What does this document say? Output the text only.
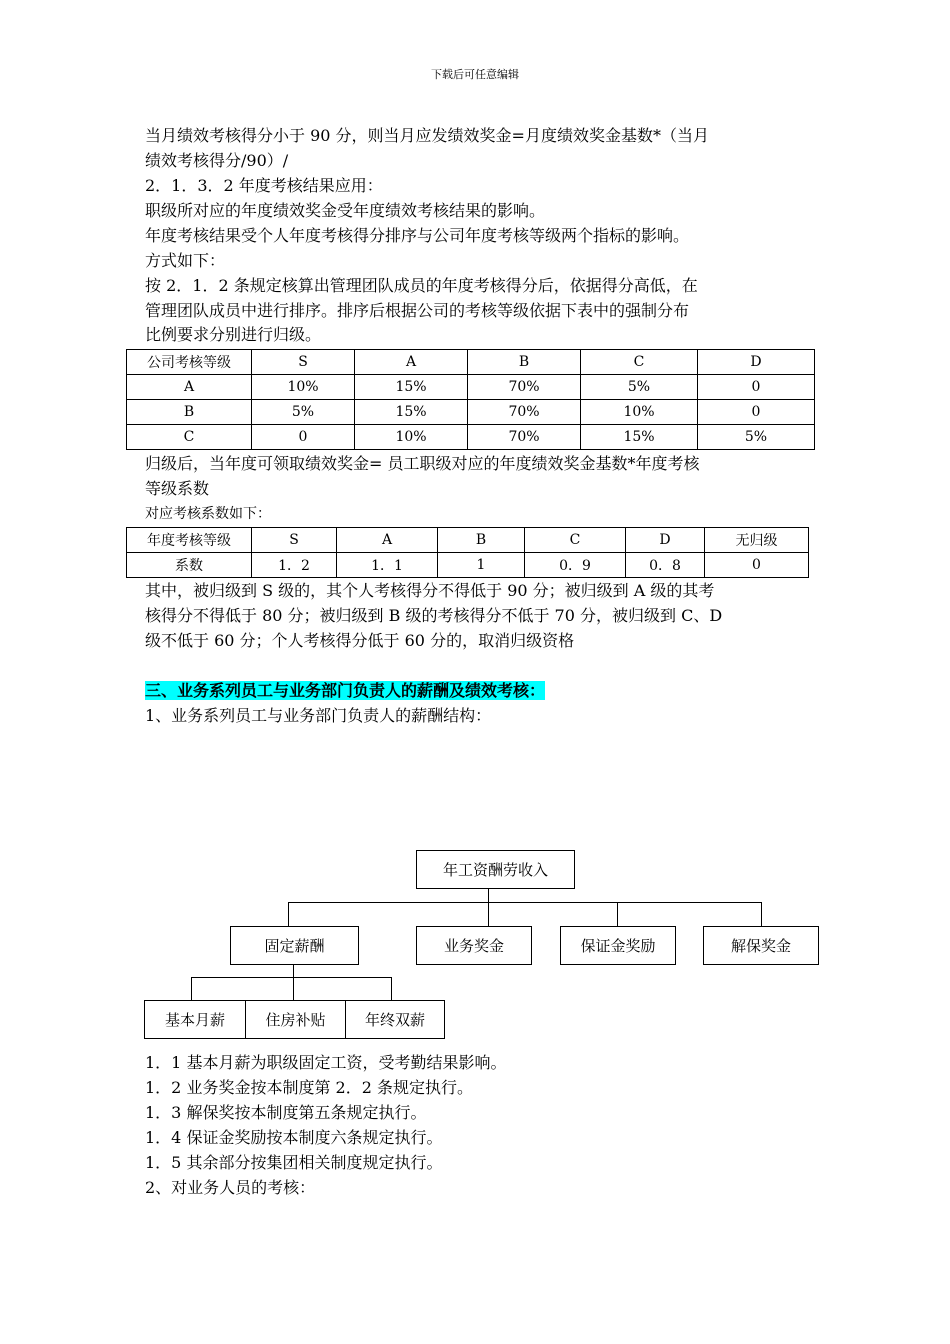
下载后可任意编辑
当月绩效考核得分小于 90 分，则当月应发绩效奖金=月度绩效奖金基数*（当月
绩效考核得分/90）/
2．1．3．2 年度考核结果应用：
职级所对应的年度绩效奖金受年度绩效考核结果的影响。
年度考核结果受个人年度考核得分排序与公司年度考核等级两个指标的影响。
方式如下：
按 2．1．2 条规定核算出管理团队成员的年度考核得分后，依据得分高低，在
管理团队成员中进行排序。排序后根据公司的考核等级依据下表中的强制分布
比例要求分别进行归级。
公司考核等级	S	A	B	C	D
A	10%	15%	70%	5%	0
B	5%	15%	70%	10%	0
C	0	10%	70%	15%	5%
归级后，当年度可领取绩效奖金= 员工职级对应的年度绩效奖金基数*年度考核
等级系数
对应考核系数如下：
年度考核等级	S	A	B	C	D	无归级
系数	1．2	1．1	1	0．9	0．8	0
其中，被归级到 S 级的，其个人考核得分不得低于 90 分；被归级到 A 级的其考
核得分不得低于 80 分；被归级到 B 级的考核得分不低于 70 分，被归级到 C、D
级不低于 60 分；个人考核得分低于 60 分的，取消归级资格
三、业务系列员工与业务部门负责人的薪酬及绩效考核：
1、业务系列员工与业务部门负责人的薪酬结构：
年工资酬劳收入
固定薪酬	业务奖金	保证金奖励	解保奖金
基本月薪	住房补贴	年终双薪
1．1 基本月薪为职级固定工资，受考勤结果影响。
1．2 业务奖金按本制度第 2．2 条规定执行。
1．3 解保奖按本制度第五条规定执行。
1．4 保证金奖励按本制度六条规定执行。
1．5 其余部分按集团相关制度规定执行。
2、对业务人员的考核：
